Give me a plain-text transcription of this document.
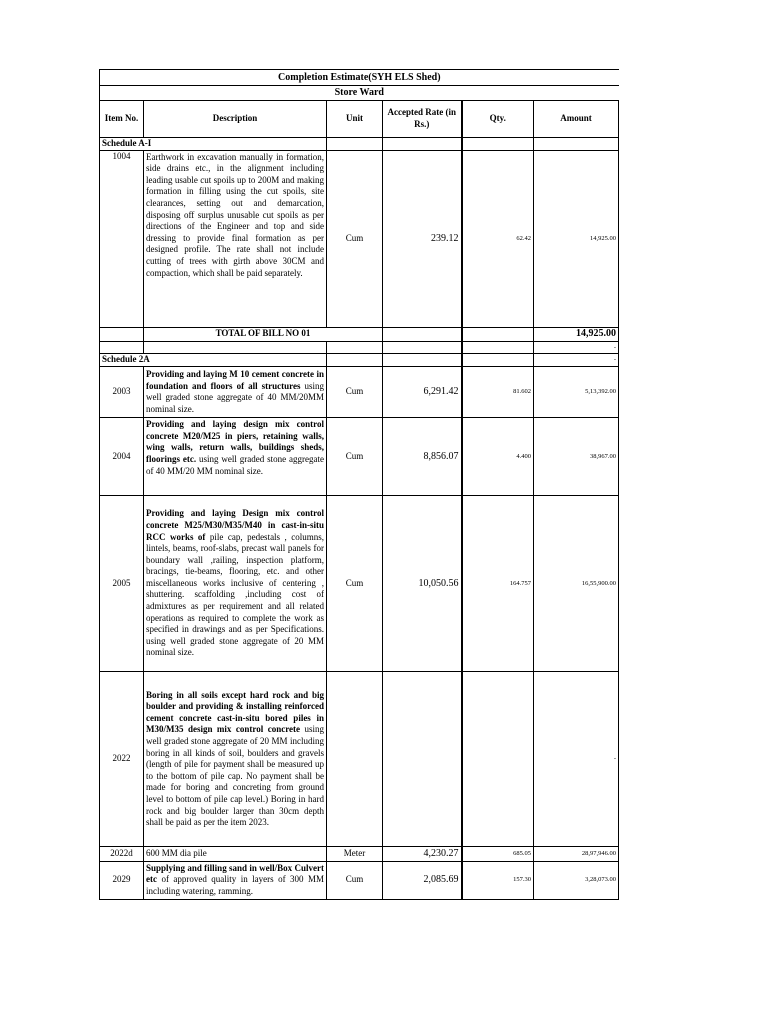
Completion Estimate(SYH ELS Shed)					
Store Ward					
Item No.	Description	Unit	Accepted Rate (in Rs.)	Qty.	Amount
Schedule A-I					
1004	Earthwork in excavation manually in formation, side drains etc., in the alignment including leading usable cut spoils up to 200M and making formation in filling using the cut spoils, site clearances, setting out and demarcation, disposing off surplus unusable cut spoils as per directions of the Engineer and top and side dressing to provide final formation as per designed profile. The rate shall not include cutting of trees with girth above 30CM and compaction, which shall be paid separately.	Cum	239.12	62.42	14,925.00
	TOTAL OF BILL NO 01				14,925.00
					-
Schedule 2A					-
2003	Providing and laying M 10 cement concrete in foundation and floors of all structures using well graded stone aggregate of 40 MM/20MM nominal size.	Cum	6,291.42	81.602	5,13,392.00
2004	Providing and laying design mix control concrete M20/M25 in piers, retaining walls, wing walls, return walls, buildings sheds, floorings etc. using well graded stone aggregate of 40 MM/20 MM nominal size.	Cum	8,856.07	4.400	38,967.00
2005	Providing and laying Design mix control concrete M25/M30/M35/M40 in cast-in-situ RCC works of pile cap, pedestals , columns, lintels, beams, roof-slabs, precast wall panels for boundary wall ,railing, inspection platform, bracings, tie-beams, flooring, etc. and other miscellaneous works inclusive of centering , shuttering. scaffolding ,including cost of admixtures as per requirement and all related operations as required to complete the work as specified in drawings and as per Specifications. using well graded stone aggregate of 20 MM nominal size.	Cum	10,050.56	164.757	16,55,900.00
2022	Boring in all soils except hard rock and big boulder and providing & installing reinforced cement concrete cast-in-situ bored piles in M30/M35 design mix control concrete using well graded stone aggregate of 20 MM including boring in all kinds of soil, boulders and gravels (length of pile for payment shall be measured up to the bottom of pile cap. No payment shall be made for boring and concreting from ground level to bottom of pile cap level.) Boring in hard rock and big boulder larger than 30cm depth shall be paid as per the item 2023.				-
2022d	600 MM dia pile	Meter	4,230.27	685.05	28,97,946.00
2029	Supplying and filling sand in well/Box Culvert etc of approved quality in layers of 300 MM including watering, ramming.	Cum	2,085.69	157.30	3,28,073.00
